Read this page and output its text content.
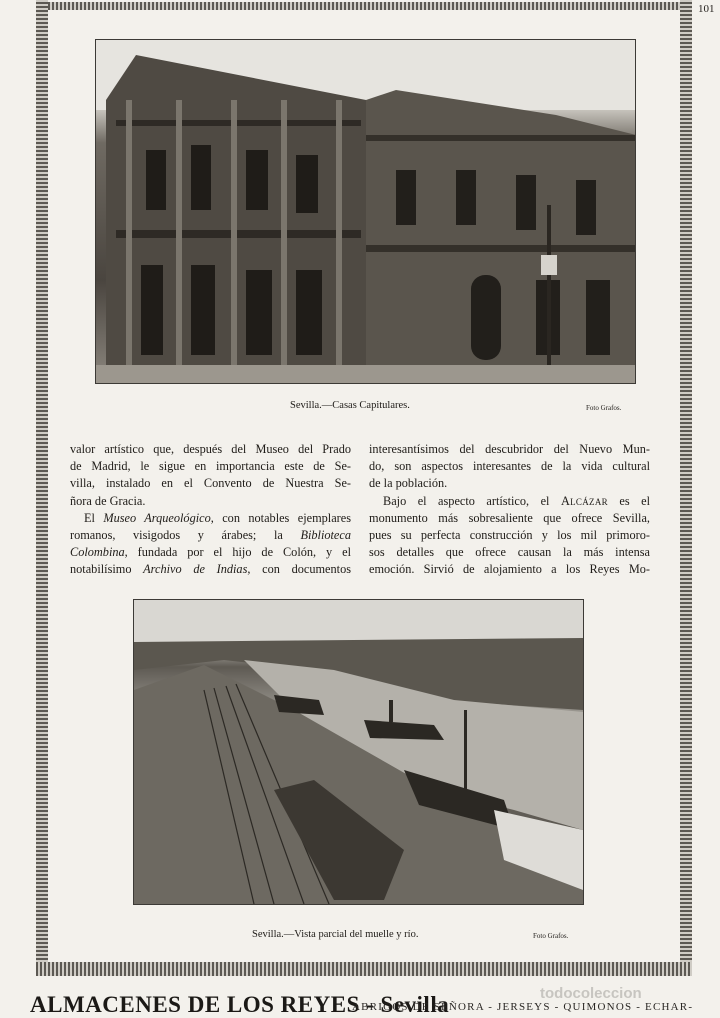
101
Sevilla.—Casas Capitulares.	Foto Grafos.

valor artístico que, después del Museo del Prado
de Madrid, le sigue en importancia este de Se-
villa, instalado en el Convento de Nuestra Se-
ñora de Gracia.

El Museo Arqueológico, con notables ejemplares
romanos, visigodos y árabes; la Biblioteca
Colombina, fundada por el hijo de Colón, y el
notabilísimo Archivo de Indias, con documentos

interesantísimos del descubridor del Nuevo Mun-
do, son aspectos interesantes de la vida cultural
de la población.

Bajo el aspecto artístico, el Alcázar es el
monumento más sobresaliente que ofrece Sevilla,
pues su perfecta construcción y los mil primoro-
sos detalles que ofrece causan la más intensa
emoción. Sirvió de alojamiento a los Reyes Mo-

Sevilla.—Vista parcial del muelle y río.	Foto Grafos.
ALMACENES DE LOS REYES - Sevilla
ABRIGOS DE SEÑORA - JERSEYS - QUIMONOS - ECHAR-
todocoleccion
